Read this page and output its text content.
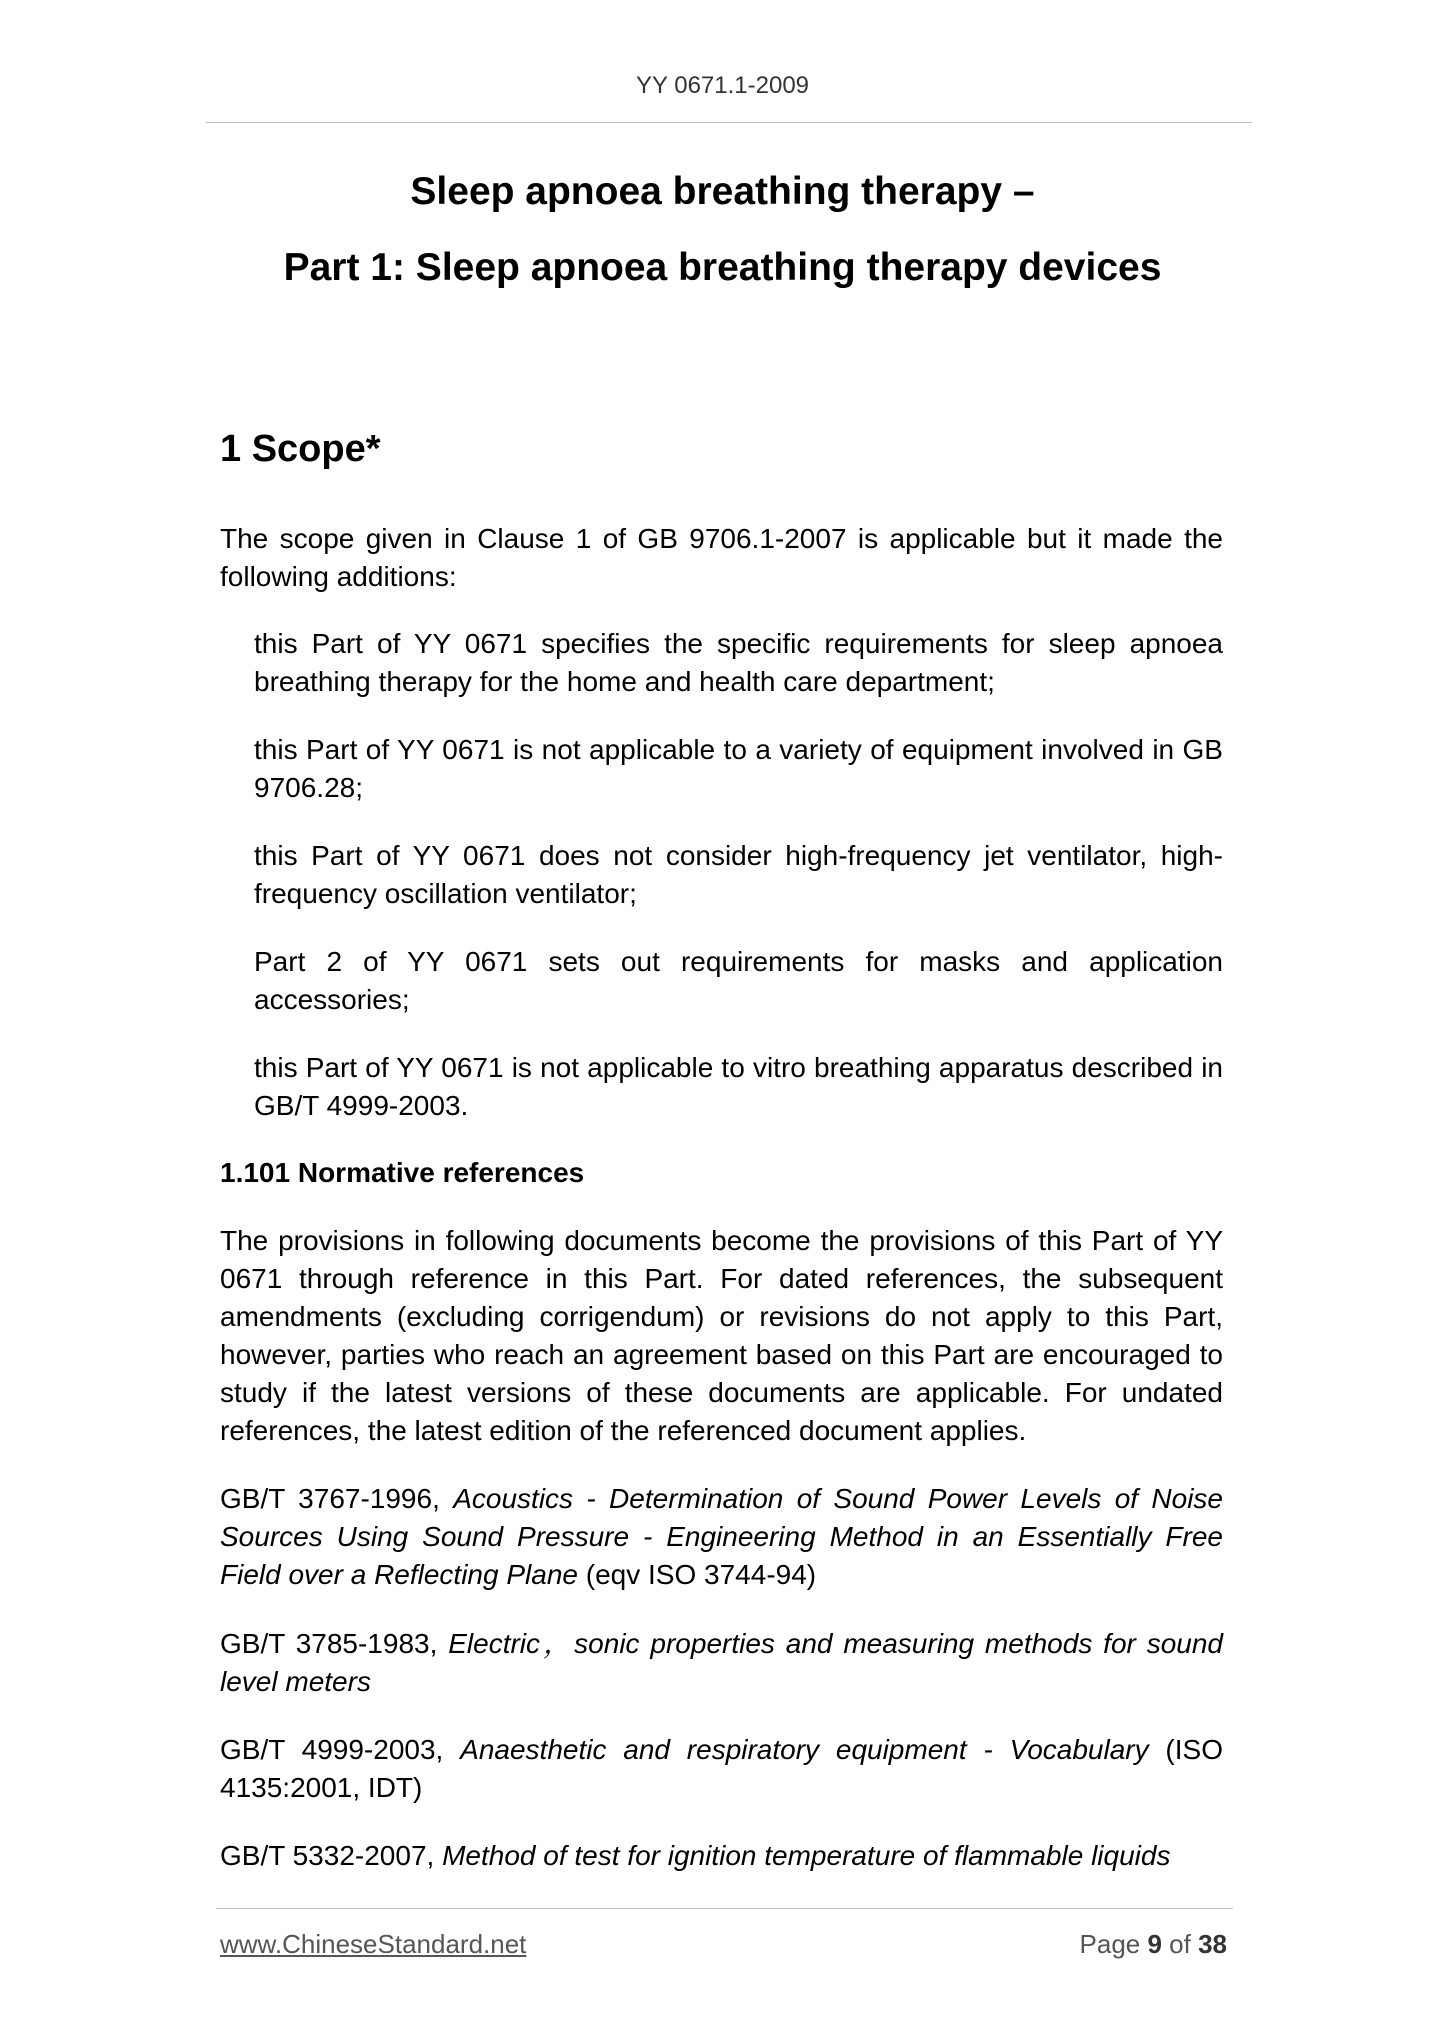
YY 0671.1-2009
Sleep apnoea breathing therapy –
Part 1: Sleep apnoea breathing therapy devices
1 Scope*
The scope given in Clause 1 of GB 9706.1-2007 is applicable but it made the following additions:
this Part of YY 0671 specifies the specific requirements for sleep apnoea breathing therapy for the home and health care department;
this Part of YY 0671 is not applicable to a variety of equipment involved in GB 9706.28;
this Part of YY 0671 does not consider high-frequency jet ventilator, high-frequency oscillation ventilator;
Part 2 of YY 0671 sets out requirements for masks and application accessories;
this Part of YY 0671 is not applicable to vitro breathing apparatus described in GB/T 4999-2003.
1.101 Normative references
The provisions in following documents become the provisions of this Part of YY 0671 through reference in this Part. For dated references, the subsequent amendments (excluding corrigendum) or revisions do not apply to this Part, however, parties who reach an agreement based on this Part are encouraged to study if the latest versions of these documents are applicable. For undated references, the latest edition of the referenced document applies.
GB/T 3767-1996, Acoustics - Determination of Sound Power Levels of Noise Sources Using Sound Pressure - Engineering Method in an Essentially Free Field over a Reflecting Plane (eqv ISO 3744-94)
GB/T 3785-1983, Electric，sonic properties and measuring methods for sound level meters
GB/T 4999-2003, Anaesthetic and respiratory equipment - Vocabulary (ISO 4135:2001, IDT)
GB/T 5332-2007, Method of test for ignition temperature of flammable liquids
www.ChineseStandard.net	Page 9 of 38
